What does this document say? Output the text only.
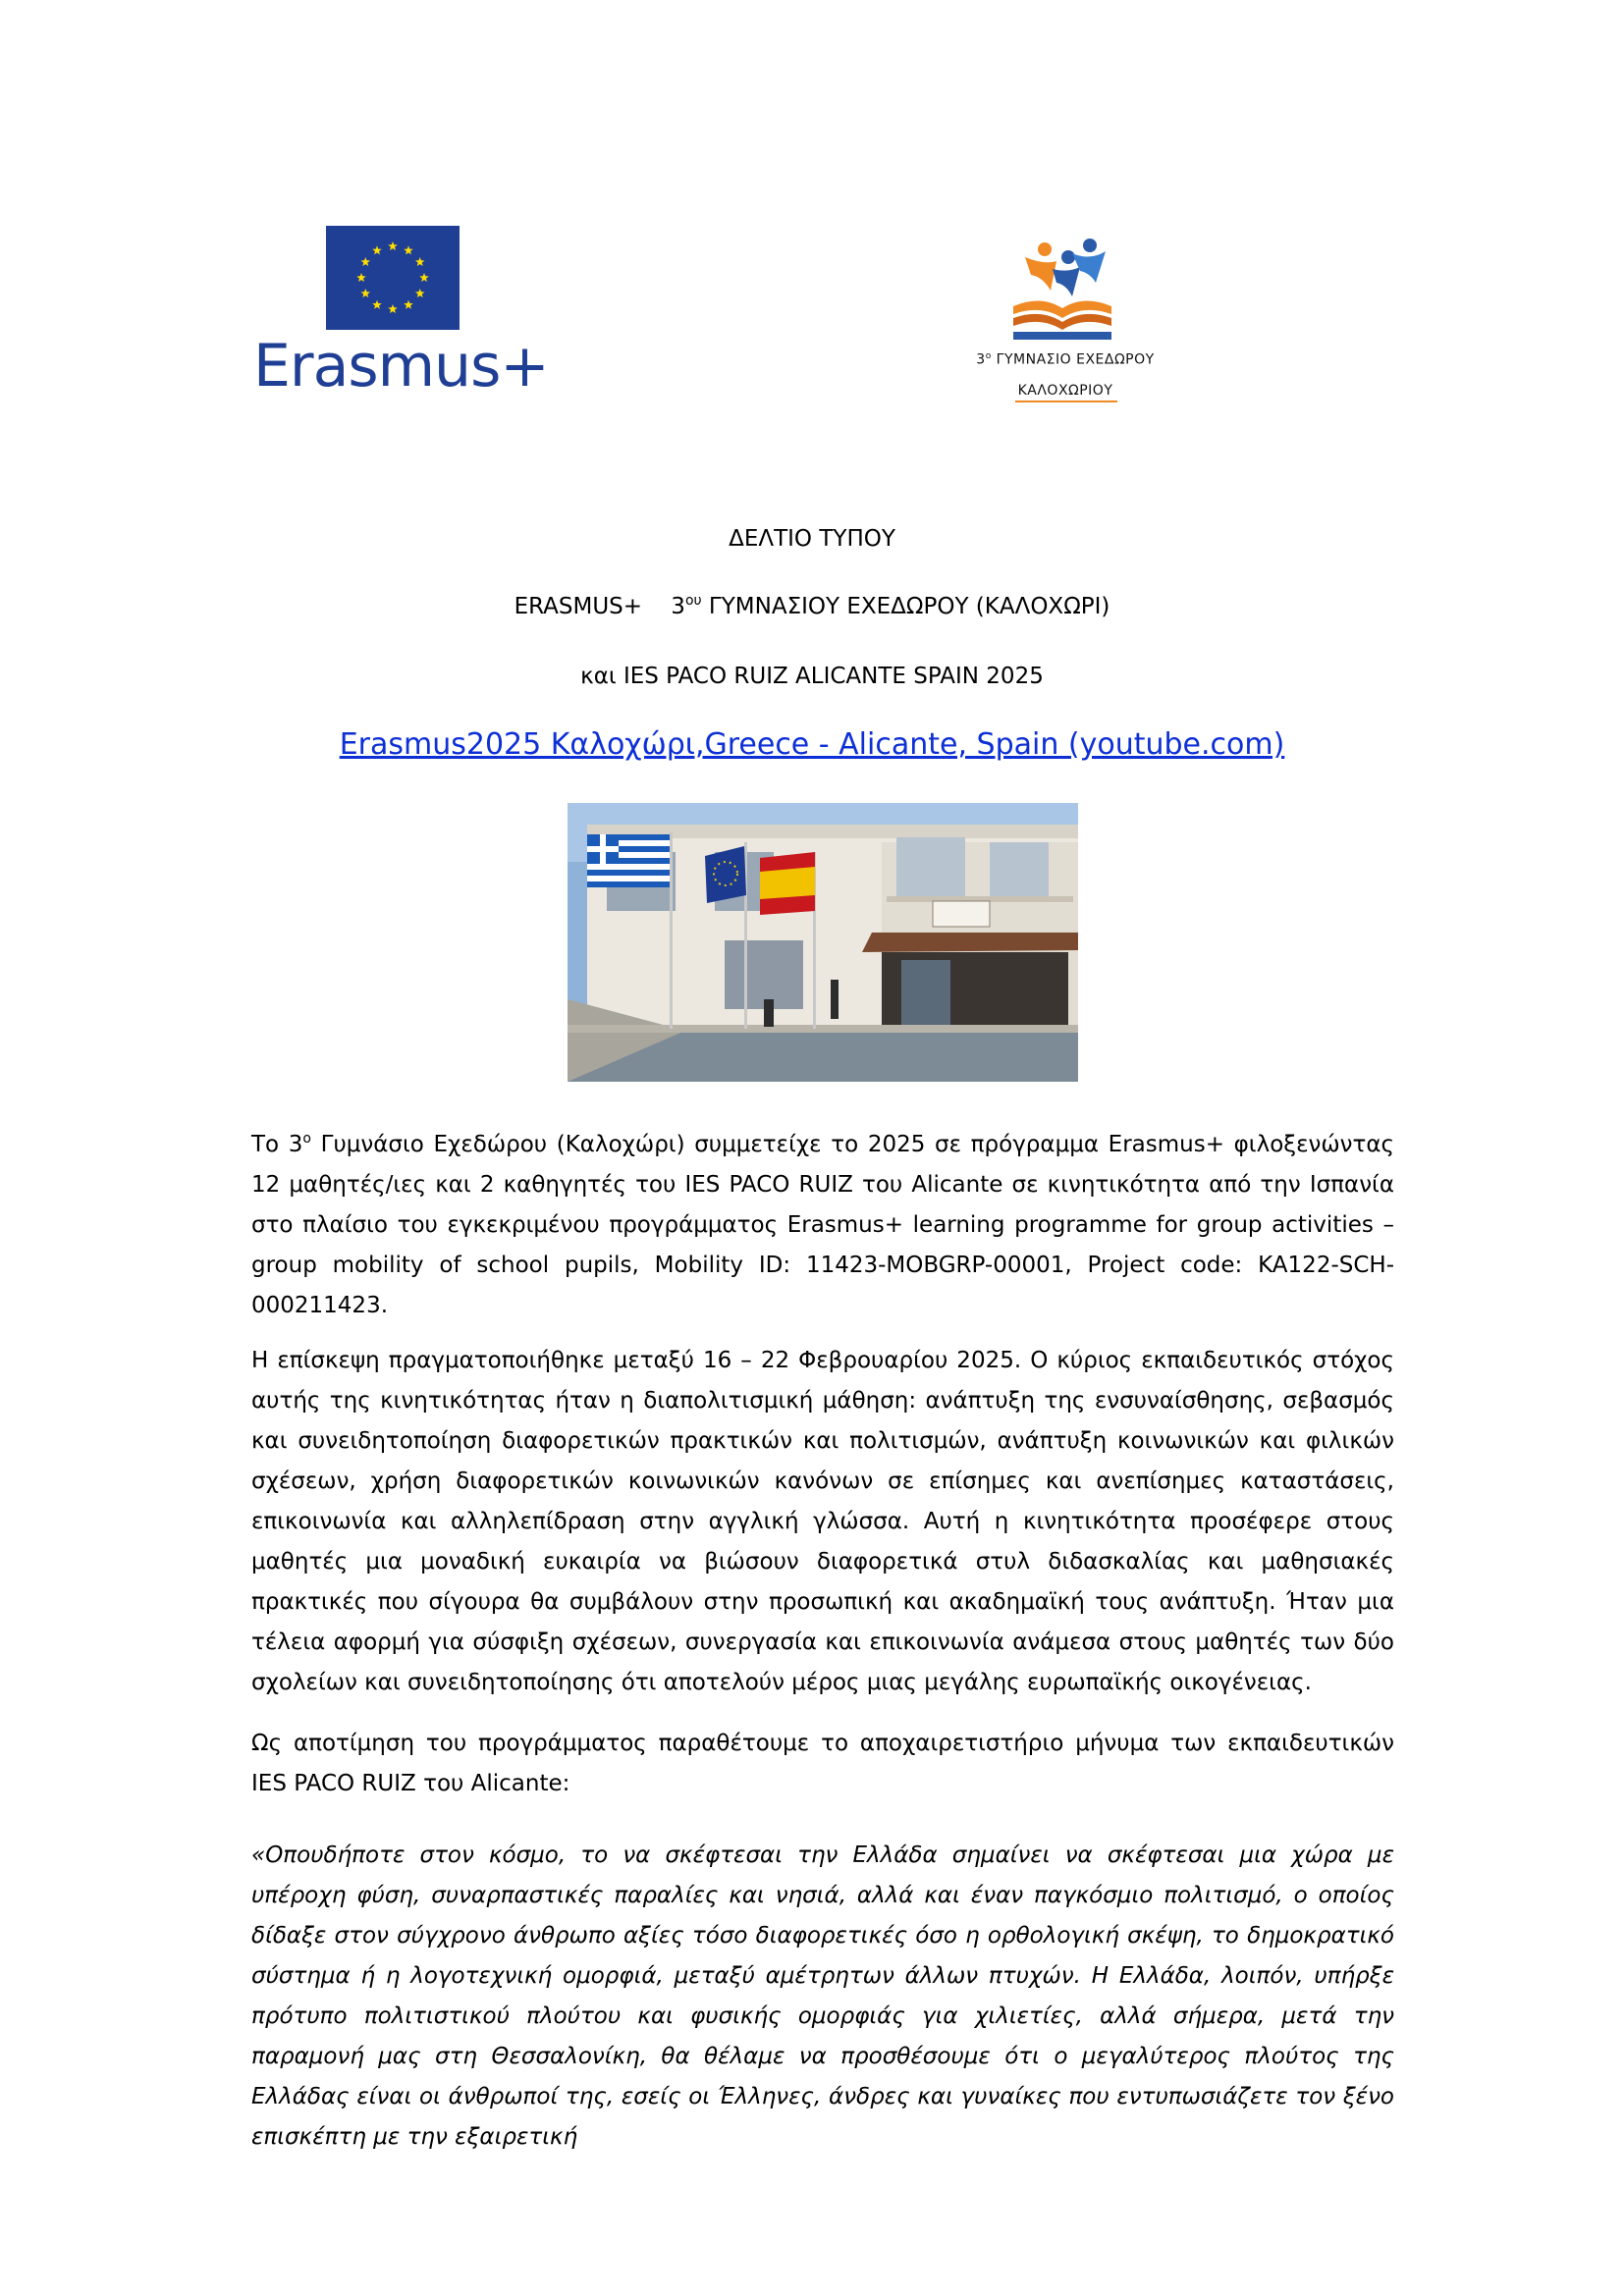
Erasmus+	$3^o$ ΓΥΜΝΑΣΙΟ ΕΧΕΔΩΡΟΥ
ΚΑΛΟΧΩΡΙΟΥ
ΔΕΛΤΙΟ ΤΥΠΟΥ
ERASMUS+ $3^{o\upsilon}$ ΓΥΜΝΑΣΙΟΥ ΕΧΕΔΩΡΟΥ (ΚΑΛΟΧΩΡΙ)
και IES PACO RUIZ ALICANTE SPAIN 2025
Erasmus2025 Καλοχώρι,Greece - Alicante, Spain (youtube.com)

Το $3^o$ Γυμνάσιο Εχεδώρου (Καλοχώρι) συμμετείχε το 2025 σε πρόγραμμα Erasmus+ φιλοξενώντας 12 μαθητές/ιες και 2 καθηγητές του IES PACO RUIZ του Alicante σε κινητικότητα από την Ισπανία στο πλαίσιο του εγκεκριμένου προγράμματος Erasmus+ learning programme for group activities – group mobility of school pupils, Mobility ID: 11423-MOBGRP-00001, Project code: KA122-SCH-000211423.

Η επίσκεψη πραγματοποιήθηκε μεταξύ 16 – 22 Φεβρουαρίου 2025. Ο κύριος εκπαιδευτικός στόχος αυτής της κινητικότητας ήταν η διαπολιτισμική μάθηση: ανάπτυξη της ενσυναίσθησης, σεβασμός και συνειδητοποίηση διαφορετικών πρακτικών και πολιτισμών, ανάπτυξη κοινωνικών και φιλικών σχέσεων, χρήση διαφορετικών κοινωνικών κανόνων σε επίσημες και ανεπίσημες καταστάσεις, επικοινωνία και αλληλεπίδραση στην αγγλική γλώσσα. Αυτή η κινητικότητα προσέφερε στους μαθητές μια μοναδική ευκαιρία να βιώσουν διαφορετικά στυλ διδασκαλίας και μαθησιακές πρακτικές που σίγουρα θα συμβάλουν στην προσωπική και ακαδημαϊκή τους ανάπτυξη. Ήταν μια τέλεια αφορμή για σύσφιξη σχέσεων, συνεργασία και επικοινωνία ανάμεσα στους μαθητές των δύο σχολείων και συνειδητοποίησης ότι αποτελούν μέρος μιας μεγάλης ευρωπαϊκής οικογένειας.

Ως αποτίμηση του προγράμματος παραθέτουμε το αποχαιρετιστήριο μήνυμα των εκπαιδευτικών IES PACO RUIZ του Alicante:

«Οπουδήποτε στον κόσμο, το να σκέφτεσαι την Ελλάδα σημαίνει να σκέφτεσαι μια χώρα με υπέροχη φύση, συναρπαστικές παραλίες και νησιά, αλλά και έναν παγκόσμιο πολιτισμό, ο οποίος δίδαξε στον σύγχρονο άνθρωπο αξίες τόσο διαφορετικές όσο η ορθολογική σκέψη, το δημοκρατικό σύστημα ή η λογοτεχνική ομορφιά, μεταξύ αμέτρητων άλλων πτυχών. Η Ελλάδα, λοιπόν, υπήρξε πρότυπο πολιτιστικού πλούτου και φυσικής ομορφιάς για χιλιετίες, αλλά σήμερα, μετά την παραμονή μας στη Θεσσαλονίκη, θα θέλαμε να προσθέσουμε ότι ο μεγαλύτερος πλούτος της Ελλάδας είναι οι άνθρωποί της, εσείς οι Έλληνες, άνδρες και γυναίκες που εντυπωσιάζετε τον ξένο επισκέπτη με την εξαιρετική
